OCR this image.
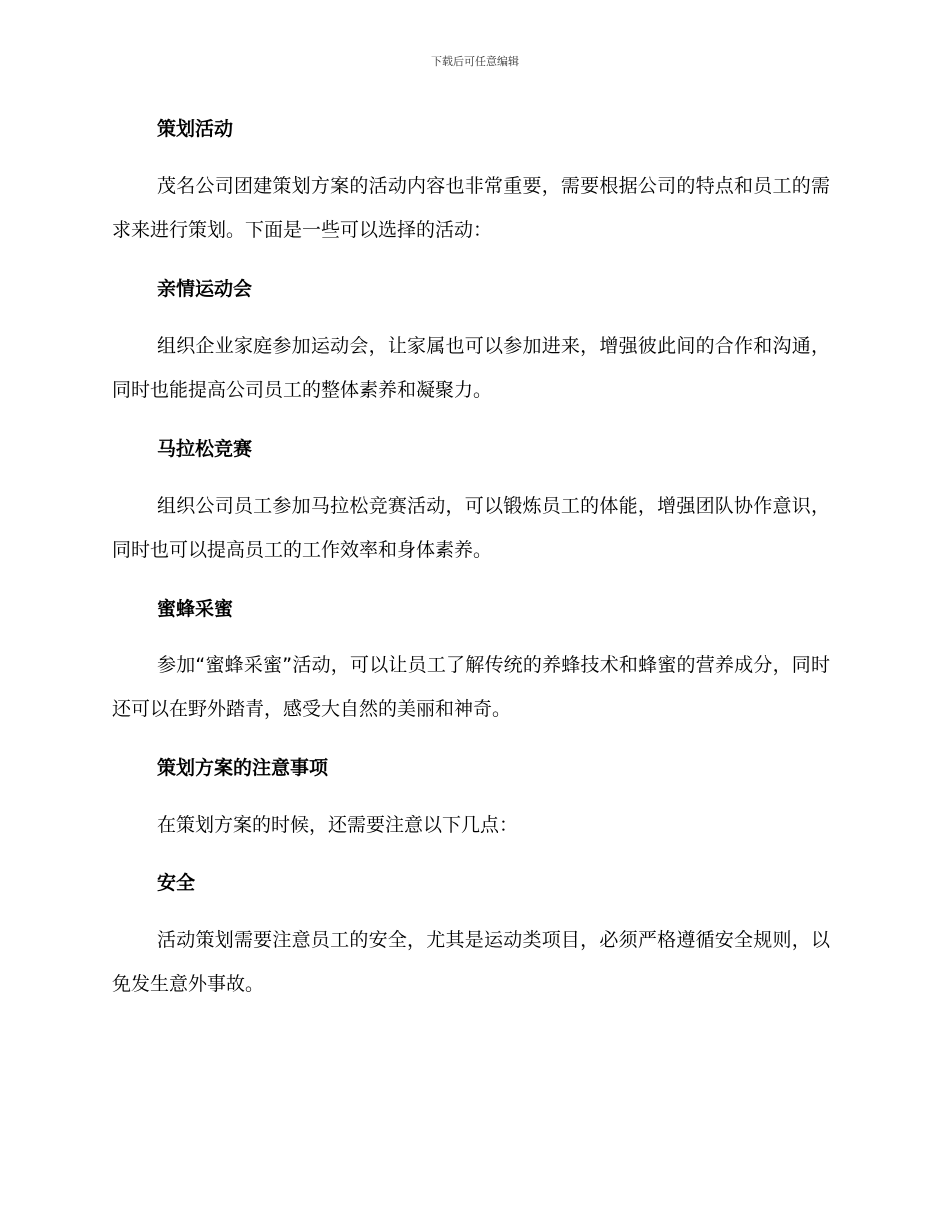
下载后可任意编辑
策划活动
茂名公司团建策划方案的活动内容也非常重要，需要根据公司的特点和员工的需求来进行策划。下面是一些可以选择的活动：
亲情运动会
组织企业家庭参加运动会，让家属也可以参加进来，增强彼此间的合作和沟通，同时也能提高公司员工的整体素养和凝聚力。
马拉松竞赛
组织公司员工参加马拉松竞赛活动，可以锻炼员工的体能，增强团队协作意识，同时也可以提高员工的工作效率和身体素养。
蜜蜂采蜜
参加“蜜蜂采蜜”活动，可以让员工了解传统的养蜂技术和蜂蜜的营养成分，同时还可以在野外踏青，感受大自然的美丽和神奇。
策划方案的注意事项
在策划方案的时候，还需要注意以下几点：
安全
活动策划需要注意员工的安全，尤其是运动类项目，必须严格遵循安全规则，以免发生意外事故。
